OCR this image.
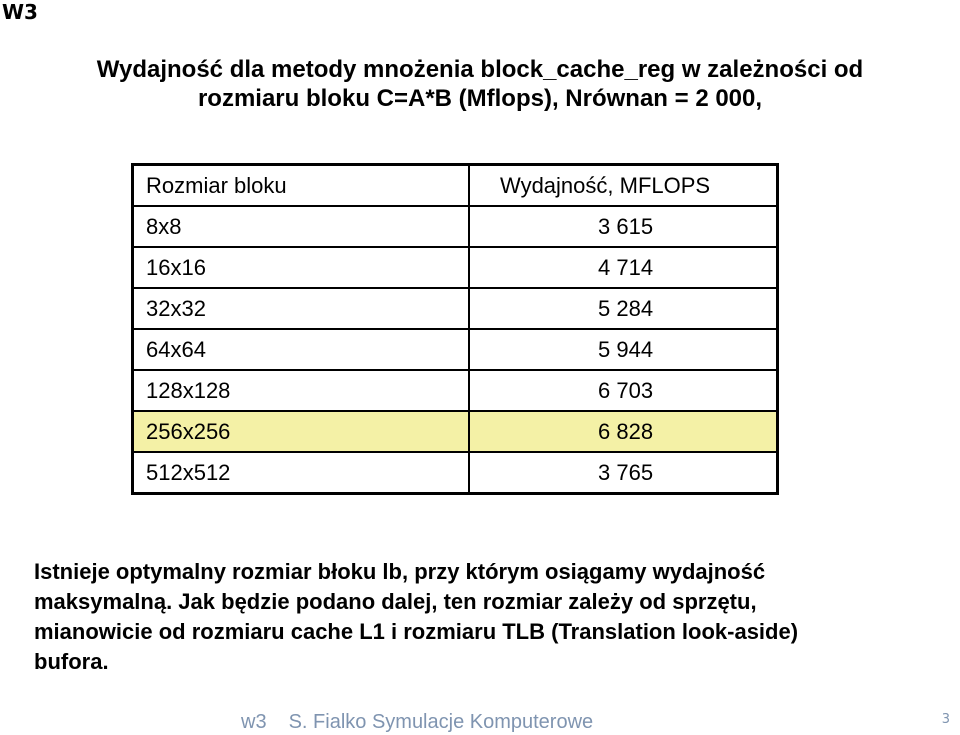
W3
Wydajność dla metody mnożenia block_cache_reg w zależności od
rozmiaru bloku C=A*B (Mflops), Nrównan = 2 000,
Rozmiar bloku	Wydajność, MFLOPS
8x8	3 615
16x16	4 714
32x32	5 284
64x64	5 944
128x128	6 703
256x256	6 828
512x512	3 765
Istnieje optymalny rozmiar błoku lb, przy którym osiągamy wydajność
maksymalną. Jak będzie podano dalej, ten rozmiar zależy od sprzętu,
mianowicie od rozmiaru cache L1 i rozmiaru TLB (Translation look-aside)
bufora.
w3 S. Fialko Symulacje Komputerowe	3
